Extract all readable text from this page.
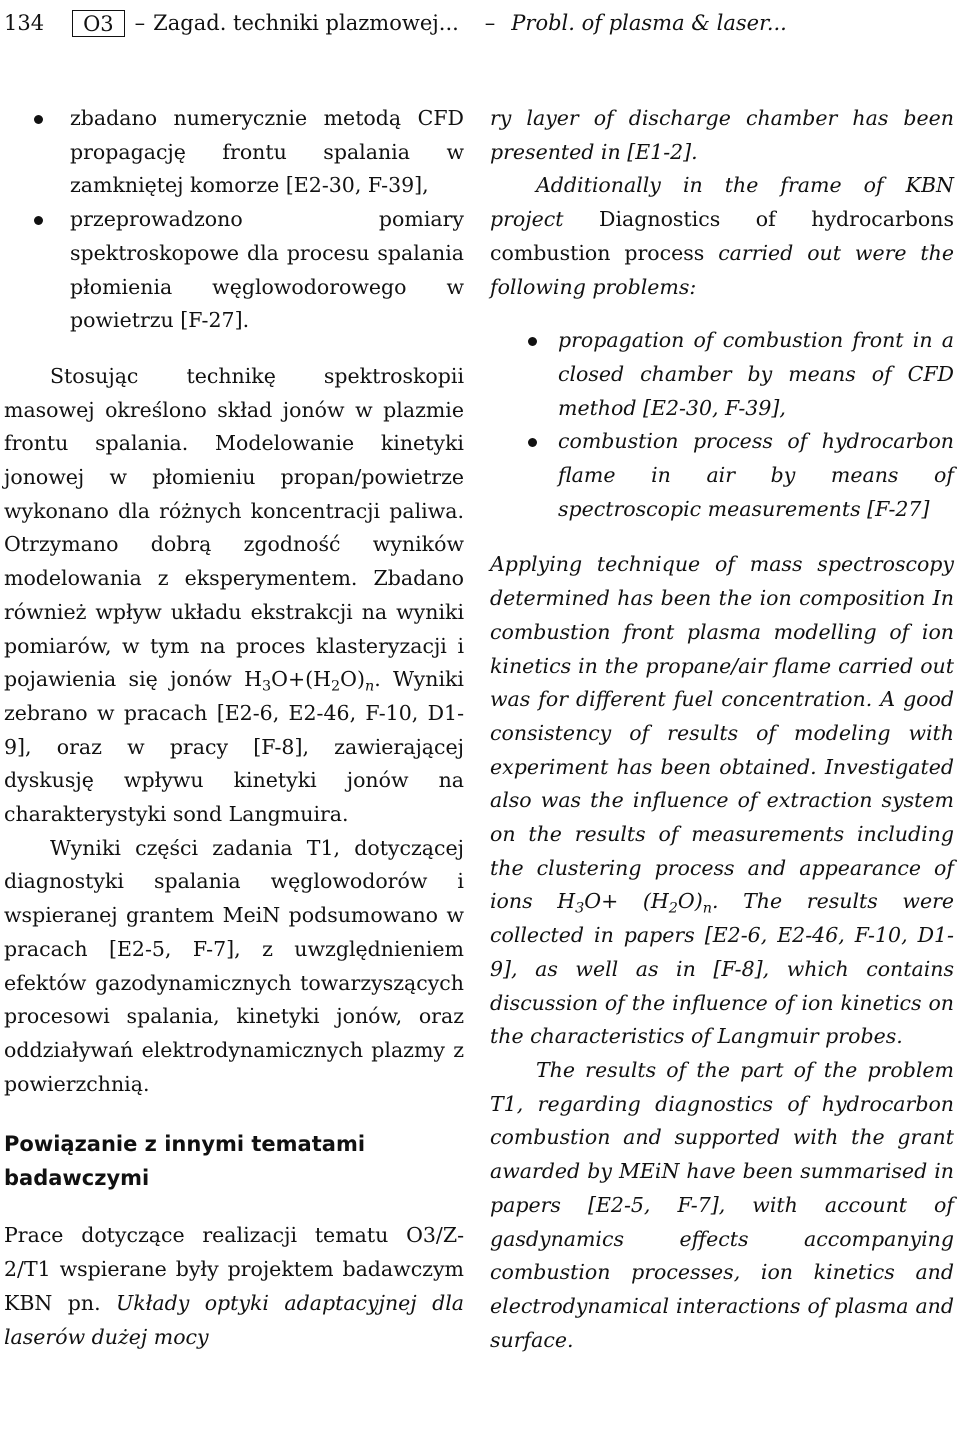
134	O3	– Zagad. techniki plazmowej... – Probl. of plasma & laser...
zbadano numerycznie metodą CFD propagację frontu spalania w zamkniętej komorze [E2-30, F-39],
przeprowadzono pomiary spektroskopowe dla procesu spalania płomienia węglowodorowego w powietrzu [F-27].

Stosując technikę spektroskopii masowej określono skład jonów w plazmie frontu spalania. Modelowanie kinetyki jonowej w płomieniu propan/powietrze wykonano dla różnych koncentracji paliwa. Otrzymano dobrą zgodność wyników modelowania z eksperymentem. Zbadano również wpływ układu ekstrakcji na wyniki pomiarów, w tym na proces klasteryzacji i pojawienia się jonów $H_3O+(H_2O)_n$. Wyniki zebrano w pracach [E2-6, E2-46, F-10, D1-9], oraz w pracy [F-8], zawierającej dyskusję wpływu kinetyki jonów na charakterystyki sond Langmuira.

Wyniki części zadania T1, dotyczącej diagnostyki spalania węglowodorów i wspieranej grantem MeiN podsumowano w pracach [E2-5, F-7], z uwzględnieniem efektów gazodynamicznych towarzyszących procesowi spalania, kinetyki jonów, oraz oddziaływań elektrodynamicznych plazmy z powierzchnią.

Powiązanie z innymi tematami badawczymi

Prace dotyczące realizacji tematu O3/Z-2/T1 wspierane były projektem badawczym KBN pn. Układy optyki adaptacyjnej dla laserów dużej mocy

ry layer of discharge chamber has been presented in [E1-2].

Additionally in the frame of KBN project Diagnostics of hydrocarbons combustion process carried out were the following problems:

propagation of combustion front in a closed chamber by means of CFD method [E2-30, F-39],
combustion process of hydrocarbon flame in air by means of spectroscopic measurements [F-27]

Applying technique of mass spectroscopy determined has been the ion composition In combustion front plasma modelling of ion kinetics in the propane/air flame carried out was for different fuel concentration. A good consistency of results of modeling with experiment has been obtained. Investigated also was the influence of extraction system on the results of measurements including the clustering process and appearance of ions $H_3O+ (H_2O)_n$. The results were collected in papers [E2-6, E2-46, F-10, D1-9], as well as in [F-8], which contains discussion of the influence of ion kinetics on the characteristics of Langmuir probes.

The results of the part of the problem T1, regarding diagnostics of hydrocarbon combustion and supported with the grant awarded by MEiN have been summarised in papers [E2-5, F-7], with account of gasdynamics effects accompanying combustion processes, ion kinetics and electrodynamical interactions of plasma and surface.
